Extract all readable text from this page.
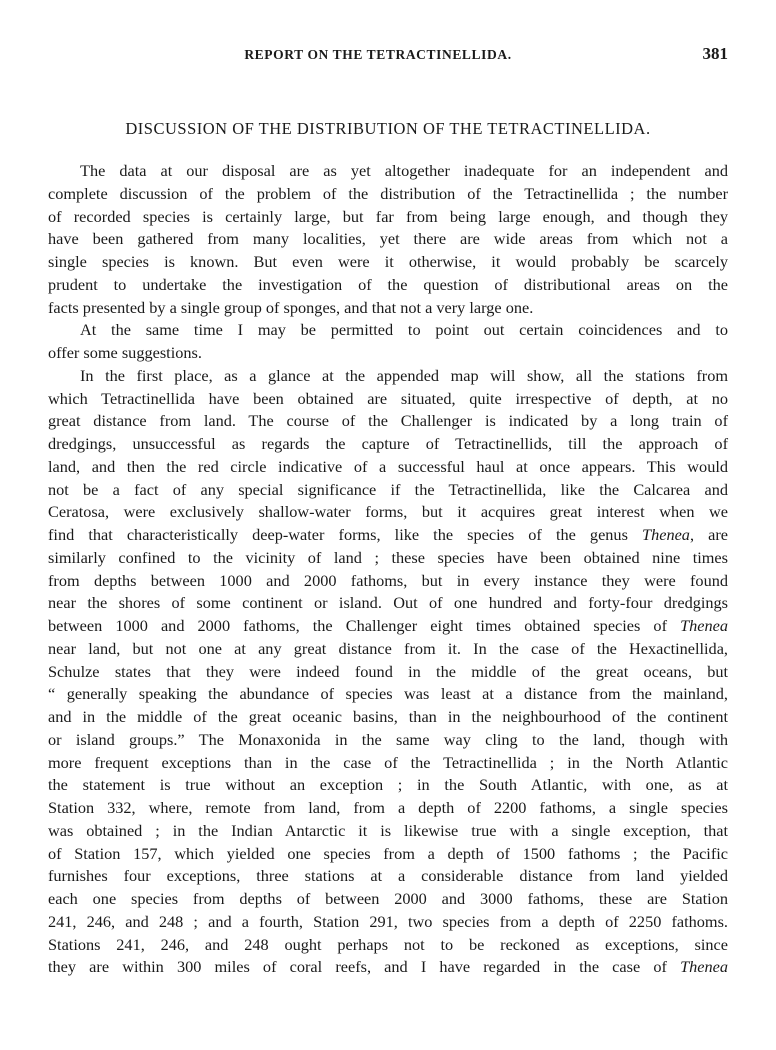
REPORT ON THE TETRACTINELLIDA.	381
DISCUSSION OF THE DISTRIBUTION OF THE TETRACTINELLIDA.
The data at our disposal are as yet altogether inadequate for an independent and
complete discussion of the problem of the distribution of the Tetractinellida ; the number
of recorded species is certainly large, but far from being large enough, and though they
have been gathered from many localities, yet there are wide areas from which not a
single species is known. But even were it otherwise, it would probably be scarcely
prudent to undertake the investigation of the question of distributional areas on the
facts presented by a single group of sponges, and that not a very large one.
At the same time I may be permitted to point out certain coincidences and to
offer some suggestions.
In the first place, as a glance at the appended map will show, all the stations from
which Tetractinellida have been obtained are situated, quite irrespective of depth, at no
great distance from land. The course of the Challenger is indicated by a long train of
dredgings, unsuccessful as regards the capture of Tetractinellids, till the approach of
land, and then the red circle indicative of a successful haul at once appears. This would
not be a fact of any special significance if the Tetractinellida, like the Calcarea and
Ceratosa, were exclusively shallow-water forms, but it acquires great interest when we
find that characteristically deep-water forms, like the species of the genus Thenea, are
similarly confined to the vicinity of land ; these species have been obtained nine times
from depths between 1000 and 2000 fathoms, but in every instance they were found
near the shores of some continent or island. Out of one hundred and forty-four dredgings
between 1000 and 2000 fathoms, the Challenger eight times obtained species of Thenea
near land, but not one at any great distance from it. In the case of the Hexactinellida,
Schulze states that they were indeed found in the middle of the great oceans, but
“ generally speaking the abundance of species was least at a distance from the mainland,
and in the middle of the great oceanic basins, than in the neighbourhood of the continent
or island groups.” The Monaxonida in the same way cling to the land, though with
more frequent exceptions than in the case of the Tetractinellida ; in the North Atlantic
the statement is true without an exception ; in the South Atlantic, with one, as at
Station 332, where, remote from land, from a depth of 2200 fathoms, a single species
was obtained ; in the Indian Antarctic it is likewise true with a single exception, that
of Station 157, which yielded one species from a depth of 1500 fathoms ; the Pacific
furnishes four exceptions, three stations at a considerable distance from land yielded
each one species from depths of between 2000 and 3000 fathoms, these are Station
241, 246, and 248 ; and a fourth, Station 291, two species from a depth of 2250 fathoms.
Stations 241, 246, and 248 ought perhaps not to be reckoned as exceptions, since
they are within 300 miles of coral reefs, and I have regarded in the case of Thenea
